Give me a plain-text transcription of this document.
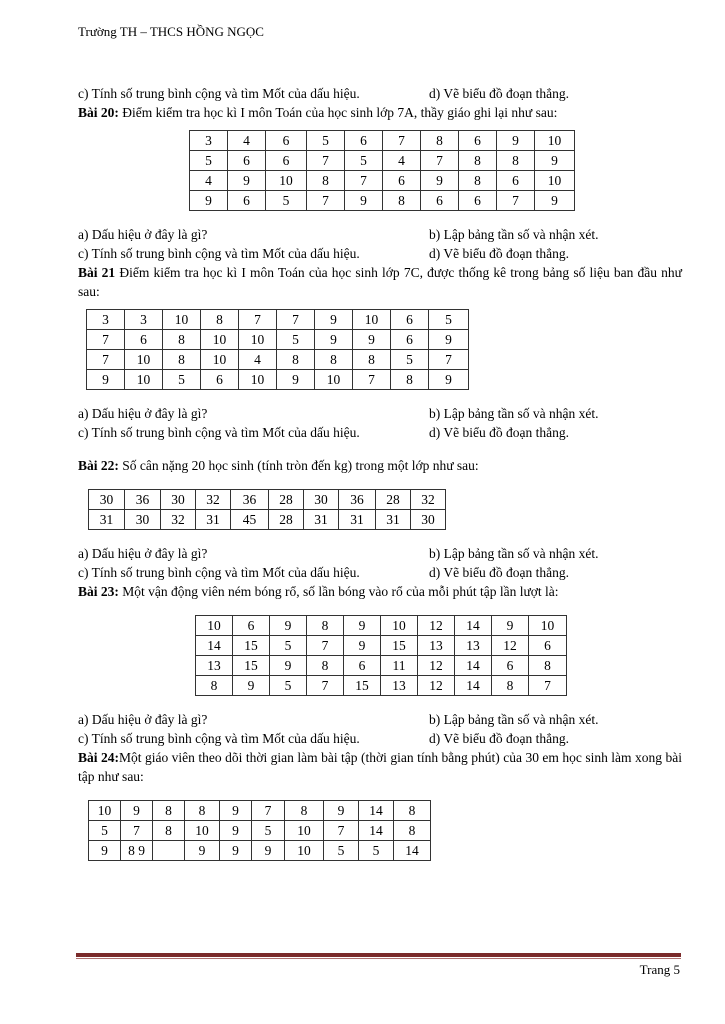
Trường TH – THCS HỒNG NGỌC
c) Tính số trung bình cộng và tìm Mốt của dấu hiệu.	d) Vẽ biểu đồ đoạn thẳng.

Bài 20: Điểm kiểm tra học kì I môn Toán của học sinh lớp 7A, thầy giáo ghi lại như sau:

3	4	6	5	6	7	8	6	9	10
5	6	6	7	5	4	7	8	8	9
4	9	10	8	7	6	9	8	6	10
9	6	5	7	9	8	6	6	7	9
a) Dấu hiệu ở đây là gì?	b) Lập bảng tần số và nhận xét.
c) Tính số trung bình cộng và tìm Mốt của dấu hiệu.	d) Vẽ biểu đồ đoạn thẳng.

Bài 21 Điểm kiểm tra học kì I môn Toán của học sinh lớp 7C, được thống kê trong bảng số liệu ban đầu như sau:

3	3	10	8	7	7	9	10	6	5
7	6	8	10	10	5	9	9	6	9
7	10	8	10	4	8	8	8	5	7
9	10	5	6	10	9	10	7	8	9
a) Dấu hiệu ở đây là gì?	b) Lập bảng tần số và nhận xét.
c) Tính số trung bình cộng và tìm Mốt của dấu hiệu.	d) Vẽ biểu đồ đoạn thẳng.

Bài 22: Số cân nặng 20 học sinh (tính tròn đến kg) trong một lớp như sau:

30	36	30	32	36	28	30	36	28	32
31	30	32	31	45	28	31	31	31	30
a) Dấu hiệu ở đây là gì?	b) Lập bảng tần số và nhận xét.
c) Tính số trung bình cộng và tìm Mốt của dấu hiệu.	d) Vẽ biểu đồ đoạn thẳng.

Bài 23: Một vận động viên ném bóng rổ, số lần bóng vào rổ của mỗi phút tập lần lượt là:

10	6	9	8	9	10	12	14	9	10
14	15	5	7	9	15	13	13	12	6
13	15	9	8	6	11	12	14	6	8
8	9	5	7	15	13	12	14	8	7
a) Dấu hiệu ở đây là gì?	b) Lập bảng tần số và nhận xét.
c) Tính số trung bình cộng và tìm Mốt của dấu hiệu.	d) Vẽ biểu đồ đoạn thẳng.

Bài 24:Một giáo viên theo dõi thời gian làm bài tập (thời gian tính bằng phút) của 30 em học sinh làm xong bài tập như sau:

10	9	8	8	9	7	8	9	14	8
5	7	8	10	9	5	10	7	14	8
9	8 9		9	9	9	10	5	5	14
Trang 5
